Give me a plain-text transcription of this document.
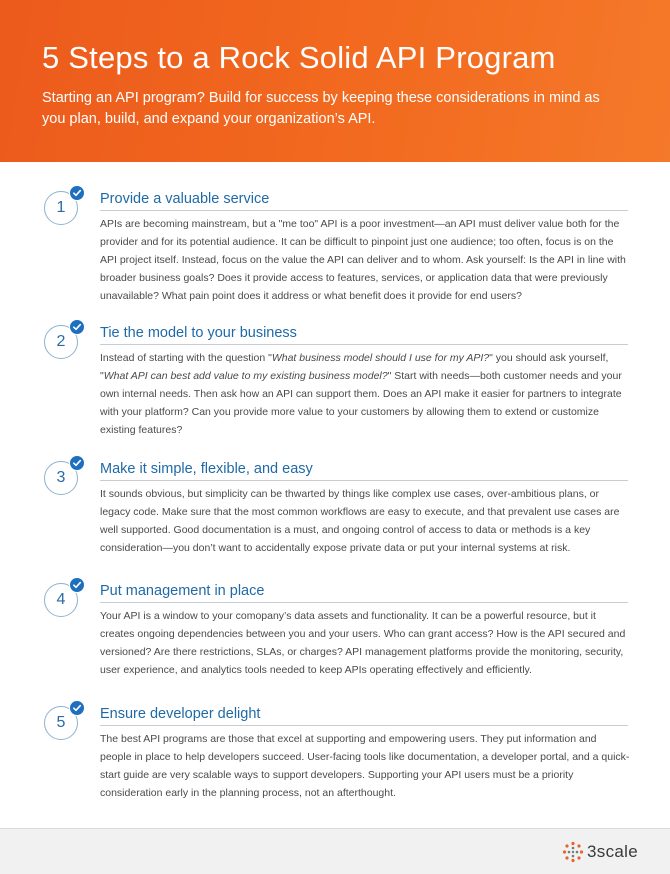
5 Steps to a Rock Solid API Program

Starting an API program? Build for success by keeping these considerations in mind as you plan, build, and expand your organization’s API.

1	Provide a valuable service

APIs are becoming mainstream, but a "me too" API is a poor investment—an API must deliver value both for the provider and for its potential audience. It can be difficult to pinpoint just one audience; too often, focus is on the API project itself. Instead, focus on the value the API can deliver and to whom. Ask yourself: Is the API in line with broader business goals? Does it provide access to features, services, or application data that were previously unavailable? What pain point does it address or what benefit does it provide for end users?

2	Tie the model to your business

Instead of starting with the question "What business model should I use for my API?" you should ask yourself, "What API can best add value to my existing business model?" Start with needs—both customer needs and your own internal needs. Then ask how an API can support them. Does an API make it easier for partners to integrate with your platform? Can you provide more value to your customers by allowing them to extend or customize existing features?

3	Make it simple, flexible, and easy

It sounds obvious, but simplicity can be thwarted by things like complex use cases, over-ambitious plans, or legacy code. Make sure that the most common workflows are easy to execute, and that prevalent use cases are well supported. Good documentation is a must, and ongoing control of access to data or methods is a key consideration—you don’t want to accidentally expose private data or put your internal systems at risk.

4	Put management in place

Your API is a window to your comopany’s data assets and functionality. It can be a powerful resource, but it creates ongoing dependencies between you and your users. Who can grant access? How is the API secured and versioned? Are there restrictions, SLAs, or charges? API management platforms provide the monitoring, security, user experience, and analytics tools needed to keep APIs operating effectively and efficiently.

5	Ensure developer delight

The best API programs are those that excel at supporting and empowering users. They put information and people in place to help developers succeed. User-facing tools like documentation, a developer portal, and a quick-start guide are very scalable ways to support developers. Supporting your API users must be a priority consideration early in the planning process, not an afterthought.

3scale
